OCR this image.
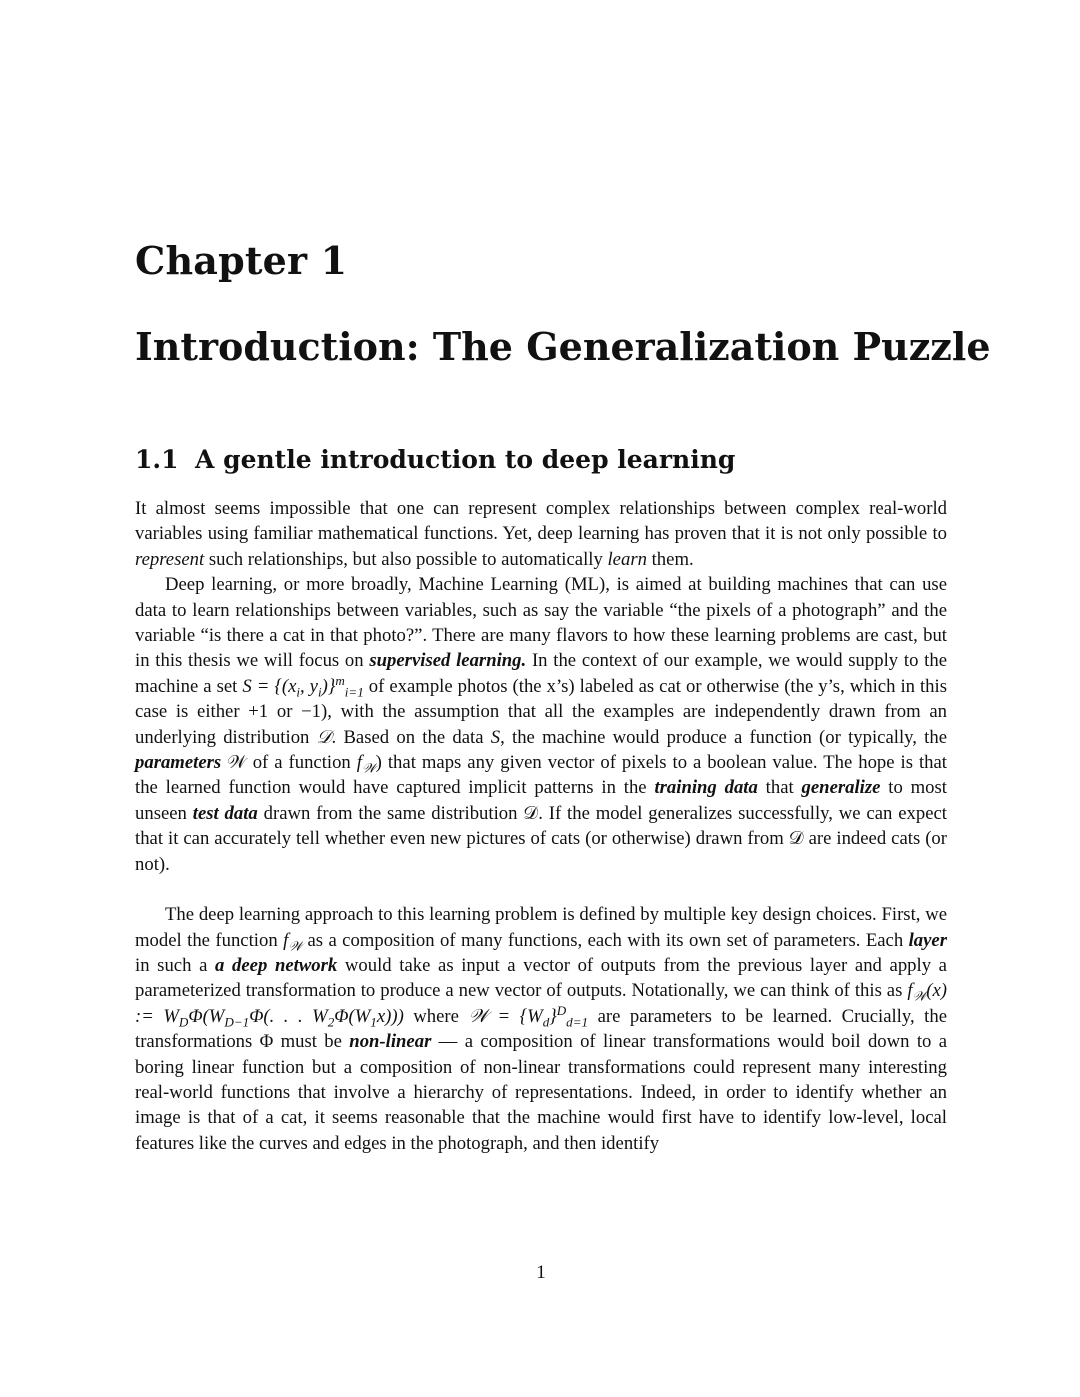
Chapter 1
Introduction: The Generalization Puzzle
1.1 A gentle introduction to deep learning

It almost seems impossible that one can represent complex relationships between complex real-world variables using familiar mathematical functions. Yet, deep learning has proven that it is not only possible to represent such relationships, but also possible to automatically learn them.

Deep learning, or more broadly, Machine Learning (ML), is aimed at building machines that can use data to learn relationships between variables, such as say the variable “the pixels of a photograph” and the variable “is there a cat in that photo?”. There are many flavors to how these learning problems are cast, but in this thesis we will focus on supervised learning. In the context of our example, we would supply to the machine a set $S = \{(x_i$, $y_i)\}^m_{i=1}$ of example photos (the x’s) labeled as cat or otherwise (the y’s, which in this case is either +1 or −1), with the assumption that all the examples are independently drawn from an underlying distribution 𝒟. Based on the data S, the machine would produce a function (or typically, the parameters 𝒲 of a function $f_𝒲$) that maps any given vector of pixels to a boolean value. The hope is that the learned function would have captured implicit patterns in the training data that generalize to most unseen test data drawn from the same distribution 𝒟. If the model generalizes successfully, we can expect that it can accurately tell whether even new pictures of cats (or otherwise) drawn from 𝒟 are indeed cats (or not).

The deep learning approach to this learning problem is defined by multiple key design choices. First, we model the function $f_𝒲$ as a composition of many functions, each with its own set of parameters. Each layer in such a a deep network would take as input a vector of outputs from the previous layer and apply a parameterized transformation to produce a new vector of outputs. Notationally, we can think of this as $f_𝒲(x)$ := $W_D\Phi(W_{D-1}\Phi$(. . . $W_2\Phi(W_1x)$)) where 𝒲 = $\{W_d\}^D_{d=1}$ are parameters to be learned. Crucially, the transformations Φ must be non-linear — a composition of linear transformations would boil down to a boring linear function but a composition of non-linear transformations could represent many interesting real-world functions that involve a hierarchy of representations. Indeed, in order to identify whether an image is that of a cat, it seems reasonable that the machine would first have to identify low-level, local features like the curves and edges in the photograph, and then identify

1
